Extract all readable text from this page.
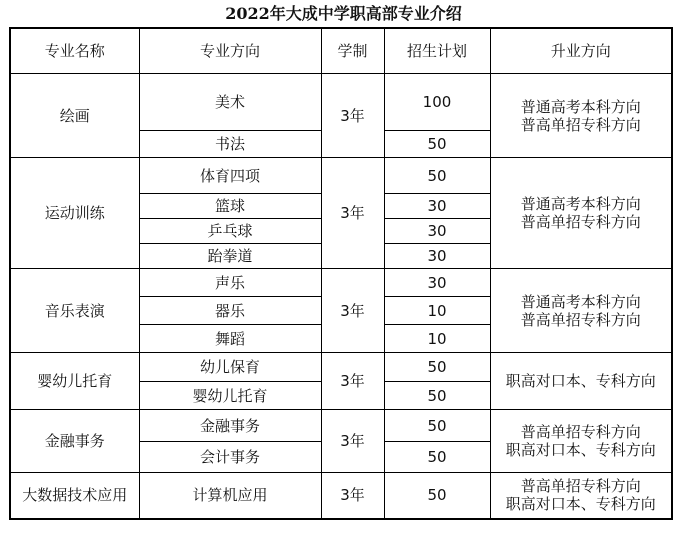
2022年大成中学职高部专业介绍
专业名称	专业方向	学制	招生计划	升业方向
绘画	美术	3年	100	普通高考本科方向
普高单招专科方向

	书法		50	
运动训练	体育四项	3年	50	普通高考本科方向
普高单招专科方向

	篮球		30	
	乒乓球		30	
	跆拳道		30	
音乐表演	声乐	3年	30	普通高考本科方向
普高单招专科方向

	器乐		10	
	舞蹈		10	
婴幼儿托育	幼儿保育	3年	50	职高对口本、专科方向
	婴幼儿托育		50	
金融事务	金融事务	3年	50	普高单招专科方向
职高对口本、专科方向

	会计事务		50	
大数据技术应用	计算机应用	3年	50	普高单招专科方向
职高对口本、专科方向
